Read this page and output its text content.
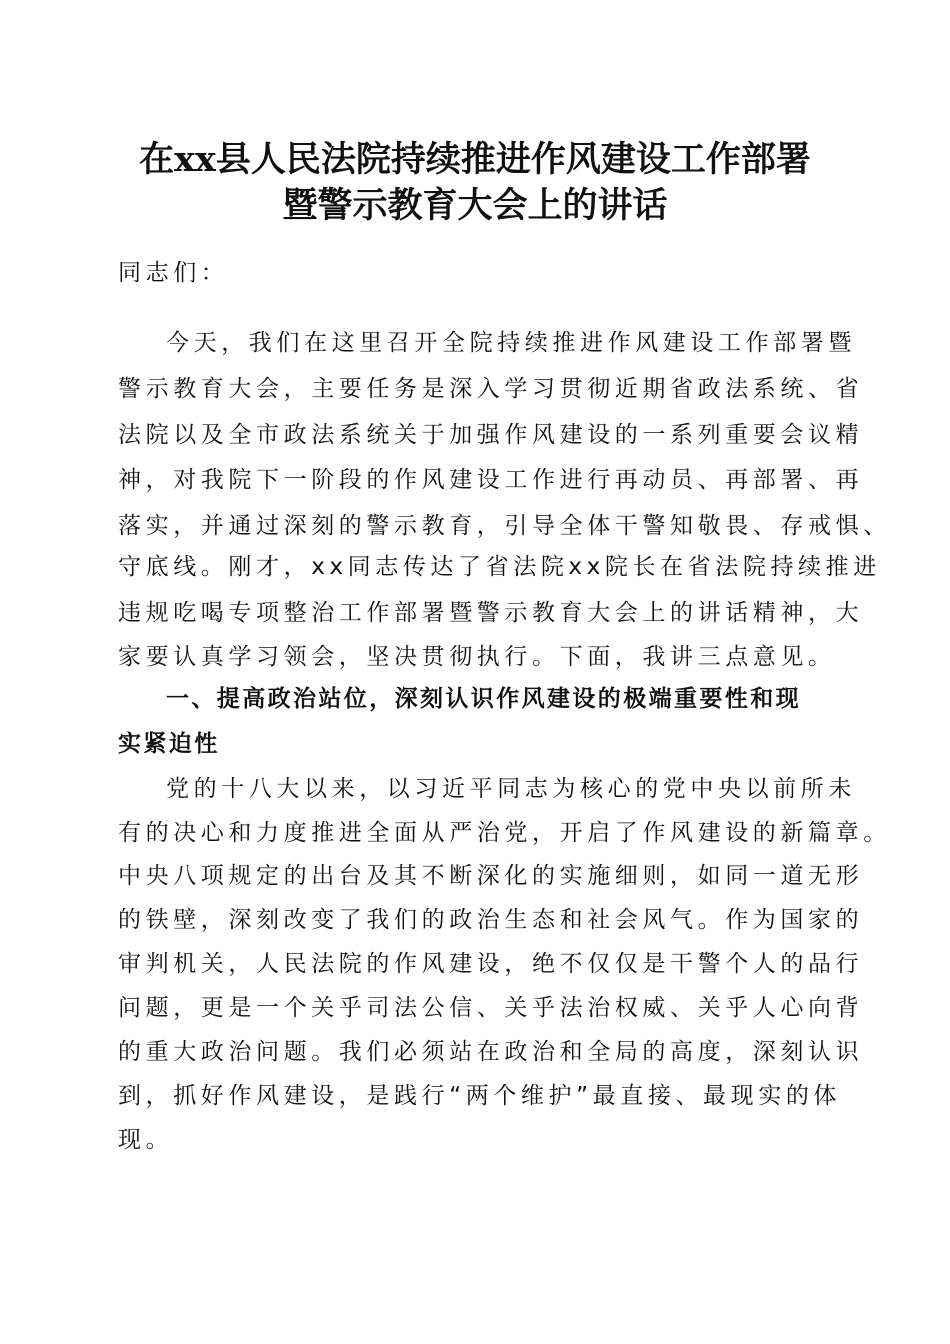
在xx县人民法院持续推进作风建设工作部署
暨警示教育大会上的讲话

同志们：

今天，我们在这里召开全院持续推进作风建设工作部署暨

警示教育大会，主要任务是深入学习贯彻近期省政法系统、省

法院以及全市政法系统关于加强作风建设的一系列重要会议精

神，对我院下一阶段的作风建设工作进行再动员、再部署、再

落实，并通过深刻的警示教育，引导全体干警知敬畏、存戒惧、

守底线。刚才，xx同志传达了省法院xx院长在省法院持续推进

违规吃喝专项整治工作部署暨警示教育大会上的讲话精神，大

家要认真学习领会，坚决贯彻执行。下面，我讲三点意见。

一、提高政治站位，深刻认识作风建设的极端重要性和现

实紧迫性

党的十八大以来，以习近平同志为核心的党中央以前所未

有的决心和力度推进全面从严治党，开启了作风建设的新篇章。

中央八项规定的出台及其不断深化的实施细则，如同一道无形

的铁壁，深刻改变了我们的政治生态和社会风气。作为国家的

审判机关，人民法院的作风建设，绝不仅仅是干警个人的品行

问题，更是一个关乎司法公信、关乎法治权威、关乎人心向背

的重大政治问题。我们必须站在政治和全局的高度，深刻认识

到，抓好作风建设，是践行“两个维护”最直接、最现实的体

现。
